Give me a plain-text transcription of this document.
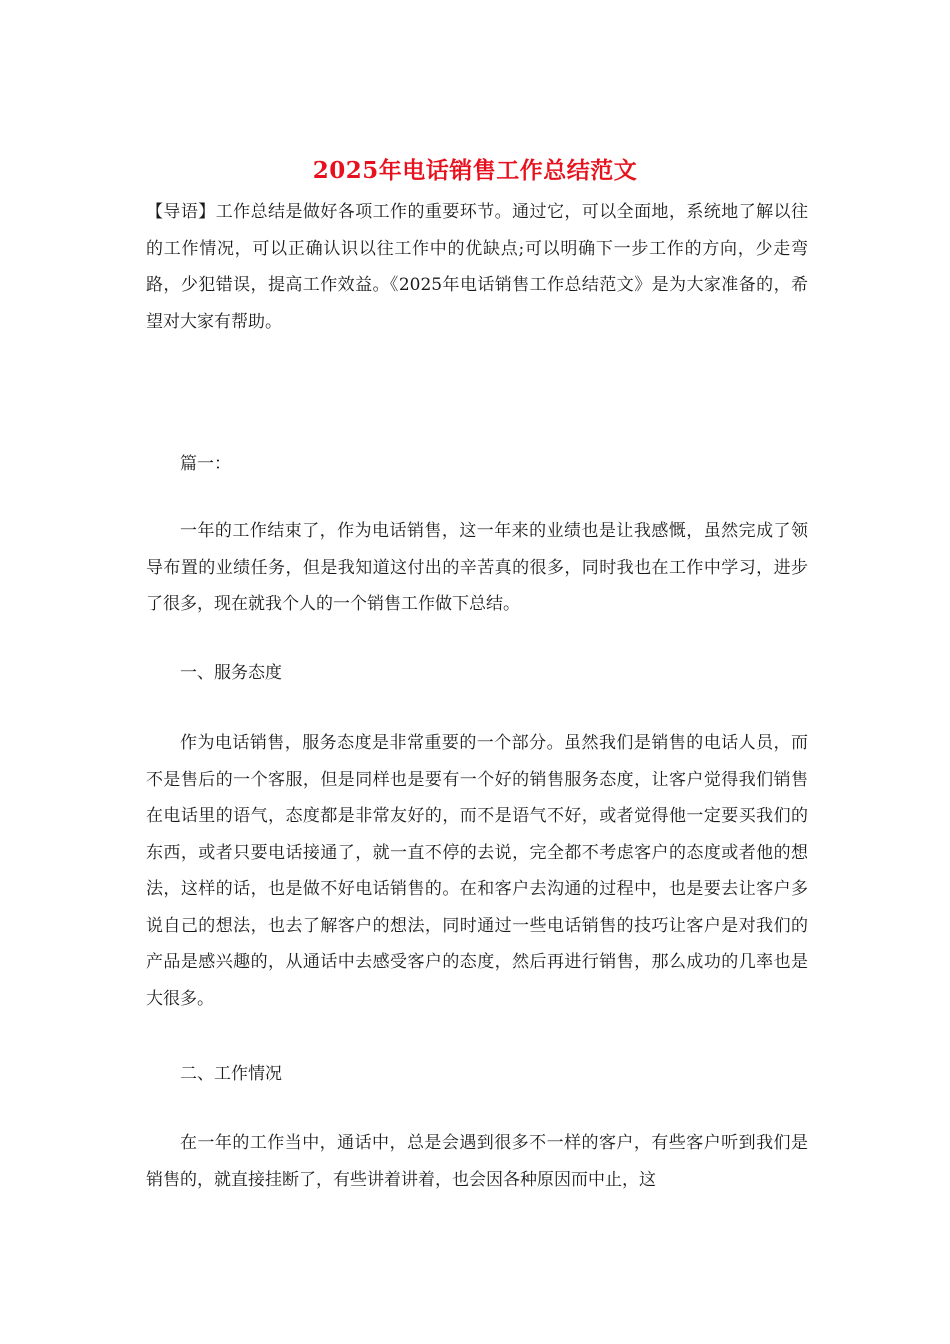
2025年电话销售工作总结范文

【导语】工作总结是做好各项工作的重要环节。通过它，可以全面地，系统地了解以往的工作情况，可以正确认识以往工作中的优缺点;可以明确下一步工作的方向，少走弯路，少犯错误，提高工作效益。《2025年电话销售工作总结范文》是为大家准备的，希望对大家有帮助。

篇一：

一年的工作结束了，作为电话销售，这一年来的业绩也是让我感慨，虽然完成了领导布置的业绩任务，但是我知道这付出的辛苦真的很多，同时我也在工作中学习，进步了很多，现在就我个人的一个销售工作做下总结。

一、服务态度

作为电话销售，服务态度是非常重要的一个部分。虽然我们是销售的电话人员，而不是售后的一个客服，但是同样也是要有一个好的销售服务态度，让客户觉得我们销售在电话里的语气，态度都是非常友好的，而不是语气不好，或者觉得他一定要买我们的东西，或者只要电话接通了，就一直不停的去说，完全都不考虑客户的态度或者他的想法，这样的话，也是做不好电话销售的。在和客户去沟通的过程中，也是要去让客户多说自己的想法，也去了解客户的想法，同时通过一些电话销售的技巧让客户是对我们的产品是感兴趣的，从通话中去感受客户的态度，然后再进行销售，那么成功的几率也是大很多。

二、工作情况

在一年的工作当中，通话中，总是会遇到很多不一样的客户，有些客户听到我们是销售的，就直接挂断了，有些讲着讲着，也会因各种原因而中止，这
